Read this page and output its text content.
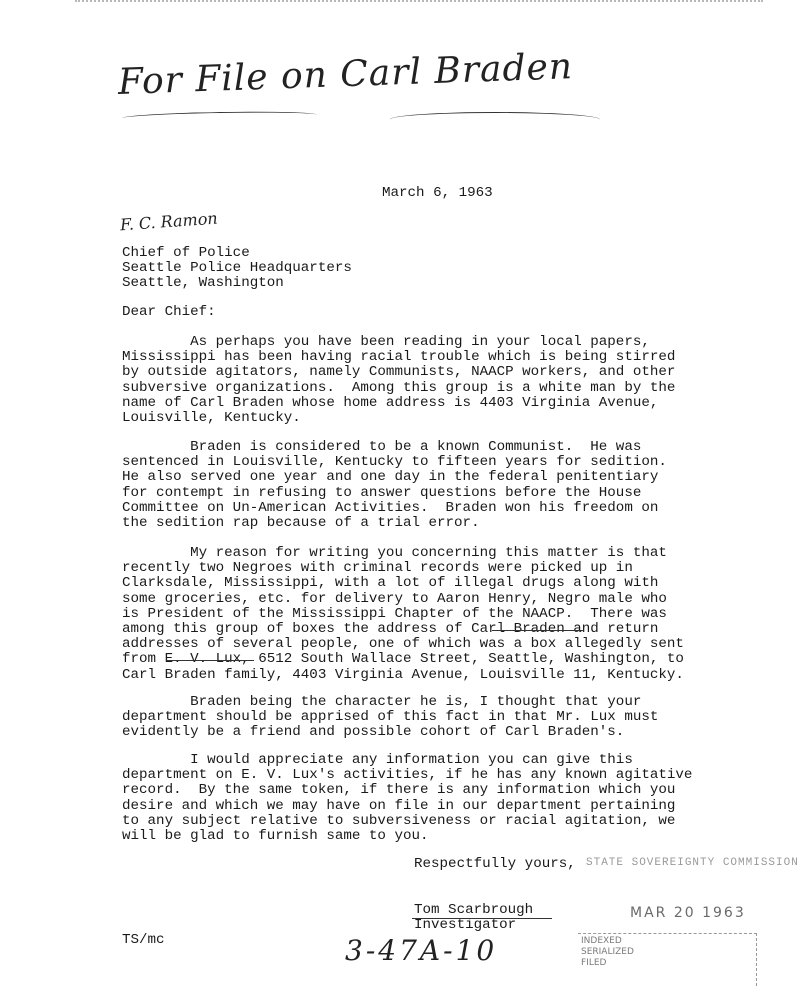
For File on Carl Braden
March 6, 1963
F. C. Ramon
Chief of Police
Seattle Police Headquarters
Seattle, Washington
Dear Chief:
As perhaps you have been reading in your local papers,
Mississippi has been having racial trouble which is being stirred
by outside agitators, namely Communists, NAACP workers, and other
subversive organizations.  Among this group is a white man by the
name of Carl Braden whose home address is 4403 Virginia Avenue,
Louisville, Kentucky.
Braden is considered to be a known Communist.  He was
sentenced in Louisville, Kentucky to fifteen years for sedition.
He also served one year and one day in the federal penitentiary
for contempt in refusing to answer questions before the House
Committee on Un-American Activities.  Braden won his freedom on
the sedition rap because of a trial error.
My reason for writing you concerning this matter is that
recently two Negroes with criminal records were picked up in
Clarksdale, Mississippi, with a lot of illegal drugs along with
some groceries, etc. for delivery to Aaron Henry, Negro male who
is President of the Mississippi Chapter of the NAACP.  There was
among this group of boxes the address of Carl Braden and return
addresses of several people, one of which was a box allegedly sent
from E. V. Lux, 6512 South Wallace Street, Seattle, Washington, to
Carl Braden family, 4403 Virginia Avenue, Louisville 11, Kentucky.
Braden being the character he is, I thought that your
department should be apprised of this fact in that Mr. Lux must
evidently be a friend and possible cohort of Carl Braden's.
I would appreciate any information you can give this
department on E. V. Lux's activities, if he has any known agitative
record.  By the same token, if there is any information which you
desire and which we may have on file in our department pertaining
to any subject relative to subversiveness or racial agitation, we
will be glad to furnish same to you.
Respectfully yours, STATE SOVEREIGNTY COMMISSION
Tom Scarbrough
Investigator
MAR 20 1963
TS/mc	3-47A-10	INDEXED
SERIALIZED
FILED
